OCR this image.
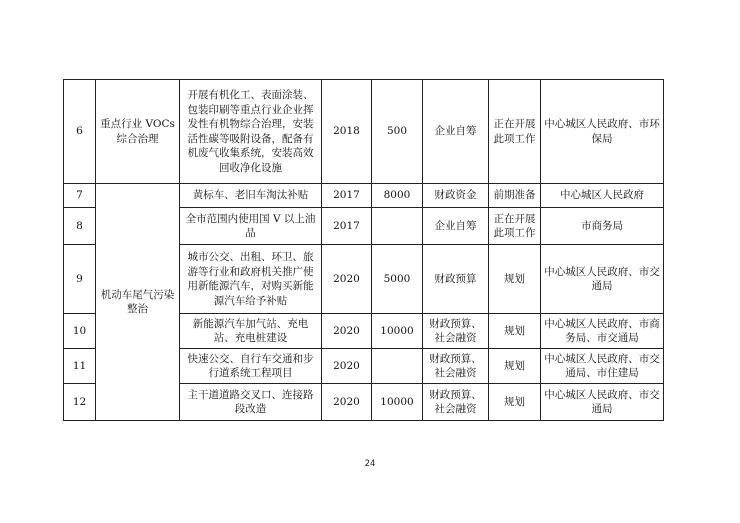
6	重点行业 VOCs 综合治理	开展有机化工、表面涂装、包装印刷等重点行业企业挥发性有机物综合治理，安装活性碳等吸附设备，配备有机废气收集系统，安装高效回收净化设施	2018	500	企业自筹	正在开展此项工作	中心城区人民政府、市环保局
7	机动车尾气污染整治	黄标车、老旧车淘汰补贴	2017	8000	财政资金	前期准备	中心城区人民政府
8		全市范围内使用国 V 以上油品	2017		企业自筹	正在开展此项工作	市商务局
9		城市公交、出租、环卫、旅游等行业和政府机关推广使用新能源汽车，对购买新能源汽车给予补贴	2020	5000	财政预算	规划	中心城区人民政府、市交通局
10		新能源汽车加气站、充电站、充电桩建设	2020	10000	财政预算、社会融资	规划	中心城区人民政府、市商务局、市交通局
11		快速公交、自行车交通和步行道系统工程项目	2020		财政预算、社会融资	规划	中心城区人民政府、市交通局、市住建局
12		主干道道路交叉口、连接路段改造	2020	10000	财政预算、社会融资	规划	中心城区人民政府、市交通局
24
